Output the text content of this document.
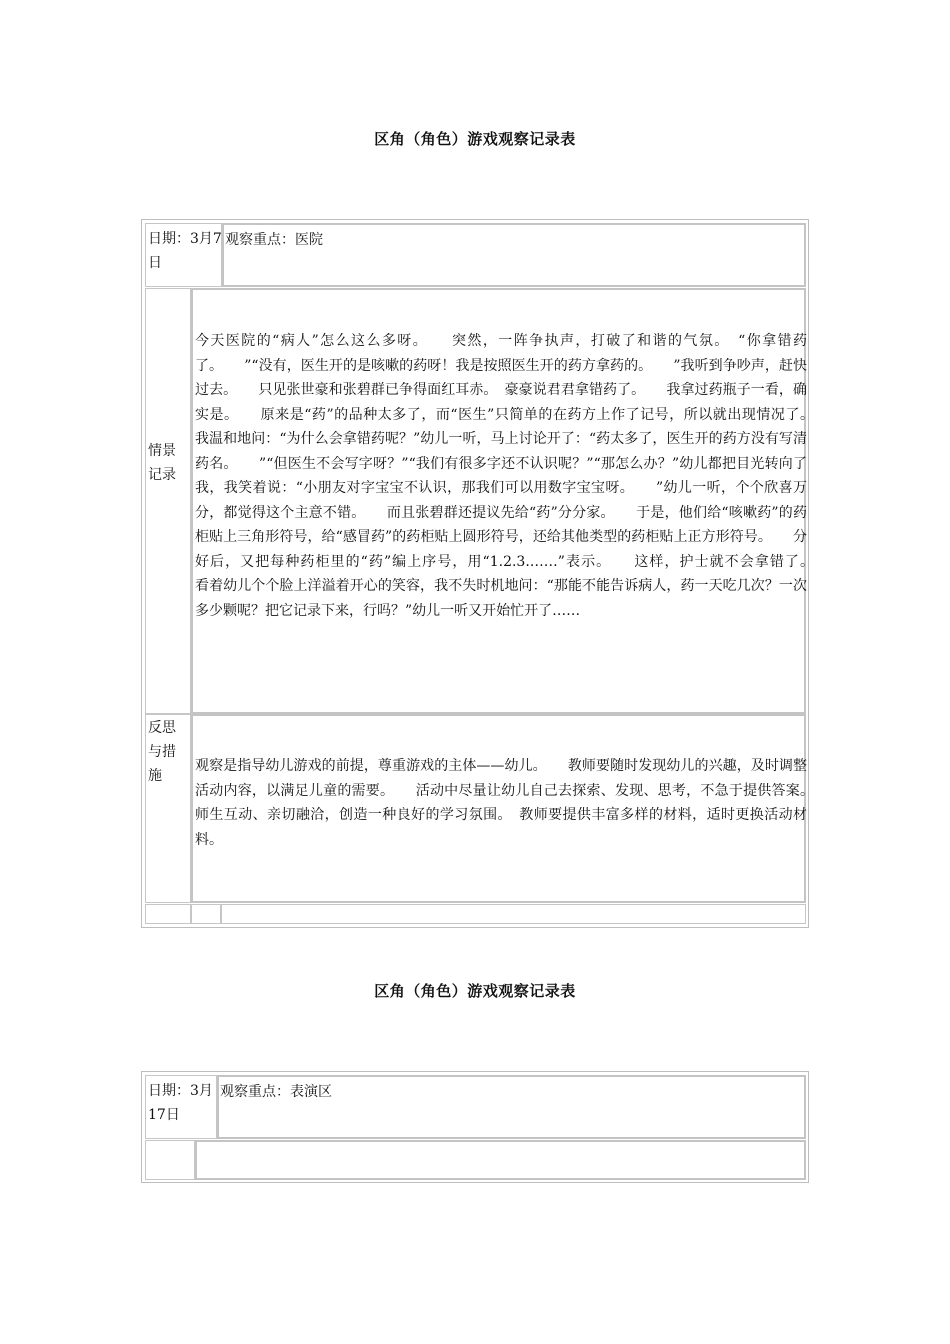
区角（角色）游戏观察记录表
日期：3月7日
观察重点：医院
情景记录
今天医院的“病人”怎么这么多呀。　　突然，一阵争执声，打破了和谐的气氛。　“你拿错药了。　　”“没有，医生开的是咳嗽的药呀！我是按照医生开的药方拿药的。　　”我听到争吵声，赶快过去。　　只见张世豪和张碧群已争得面红耳赤。　豪豪说君君拿错药了。　　我拿过药瓶子一看，确实是。　　原来是“药”的品种太多了，而“医生”只简单的在药方上作了记号，所以就出现情况了。　　我温和地问：“为什么会拿错药呢？”幼儿一听，马上讨论开了：“药太多了，医生开的药方没有写清药名。　　”“但医生不会写字呀？”“我们有很多字还不认识呢？”“那怎么办？”幼儿都把目光转向了我，我笑着说：“小朋友对字宝宝不认识，那我们可以用数字宝宝呀。　　”幼儿一听，个个欣喜万分，都觉得这个主意不错。　　而且张碧群还提议先给“药”分分家。　　于是，他们给“咳嗽药”的药柜贴上三角形符号，给“感冒药”的药柜贴上圆形符号，还给其他类型的药柜贴上正方形符号。　　分好后，又把每种药柜里的“药”编上序号，用“1.2.3.……”表示。　　这样，护士就不会拿错了。　　看着幼儿个个脸上洋溢着开心的笑容，我不失时机地问：“那能不能告诉病人，药一天吃几次？一次多少颗呢？把它记录下来，行吗？”幼儿一听又开始忙开了……
反思与措施
观察是指导幼儿游戏的前提，尊重游戏的主体——幼儿。　　教师要随时发现幼儿的兴趣，及时调整活动内容，以满足儿童的需要。　　活动中尽量让幼儿自己去探索、发现、思考，不急于提供答案。　　师生互动、亲切融洽，创造一种良好的学习氛围。　教师要提供丰富多样的材料，适时更换活动材料。
区角（角色）游戏观察记录表
日期：3月17日
观察重点：表演区
